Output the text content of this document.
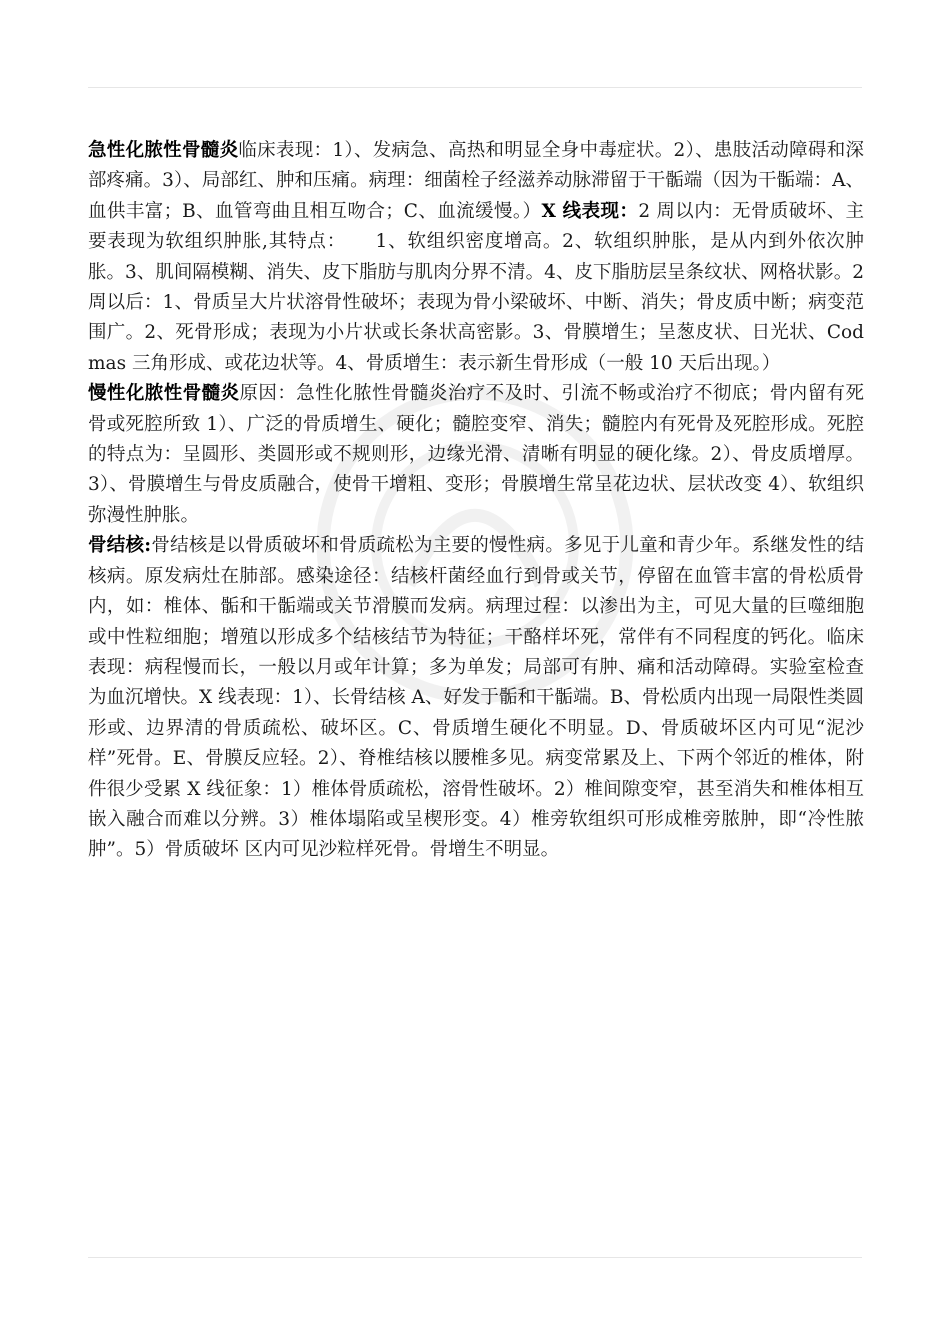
急性化脓性骨髓炎临床表现：1）、发病急、高热和明显全身中毒症状。2）、患肢活动障碍和深部疼痛。3）、局部红、肿和压痛。病理：细菌栓子经滋养动脉滞留于干骺端（因为干骺端：A、血供丰富；B、血管弯曲且相互吻合；C、血流缓慢。）X 线表现：2 周以内：无骨质破坏、主要表现为软组织肿胀,其特点：　　1、软组织密度增高。2、软组织肿胀，是从内到外依次肿胀。3、肌间隔模糊、消失、皮下脂肪与肌肉分界不清。4、皮下脂肪层呈条纹状、网格状影。2 周以后：1、骨质呈大片状溶骨性破坏；表现为骨小梁破坏、中断、消失；骨皮质中断；病变范围广。2、死骨形成；表现为小片状或长条状高密影。3、骨膜增生；呈葱皮状、日光状、Codmas 三角形成、或花边状等。4、骨质增生：表示新生骨形成（一般 10 天后出现。）

慢性化脓性骨髓炎原因：急性化脓性骨髓炎治疗不及时、引流不畅或治疗不彻底；骨内留有死骨或死腔所致 1）、广泛的骨质增生、硬化；髓腔变窄、消失；髓腔内有死骨及死腔形成。死腔的特点为：呈圆形、类圆形或不规则形，边缘光滑、清晰有明显的硬化缘。2）、骨皮质增厚。3）、骨膜增生与骨皮质融合，使骨干增粗、变形；骨膜增生常呈花边状、层状改变 4）、软组织弥漫性肿胀。

骨结核:骨结核是以骨质破坏和骨质疏松为主要的慢性病。多见于儿童和青少年。系继发性的结核病。原发病灶在肺部。感染途径：结核杆菌经血行到骨或关节，停留在血管丰富的骨松质骨内，如：椎体、骺和干骺端或关节滑膜而发病。病理过程：以渗出为主，可见大量的巨噬细胞或中性粒细胞；增殖以形成多个结核结节为特征；干酪样坏死，常伴有不同程度的钙化。临床表现：病程慢而长，一般以月或年计算；多为单发；局部可有肿、痛和活动障碍。实验室检查为血沉增快。X 线表现：1）、长骨结核 A、好发于骺和干骺端。B、骨松质内出现一局限性类圆形或、边界清的骨质疏松、破坏区。C、骨质增生硬化不明显。D、骨质破坏区内可见“泥沙样”死骨。E、骨膜反应轻。2）、脊椎结核以腰椎多见。病变常累及上、下两个邻近的椎体，附件很少受累 X 线征象：1）椎体骨质疏松，溶骨性破坏。2）椎间隙变窄，甚至消失和椎体相互嵌入融合而难以分辨。3）椎体塌陷或呈楔形变。4）椎旁软组织可形成椎旁脓肿，即“冷性脓肿”。5）骨质破坏 区内可见沙粒样死骨。骨增生不明显。
